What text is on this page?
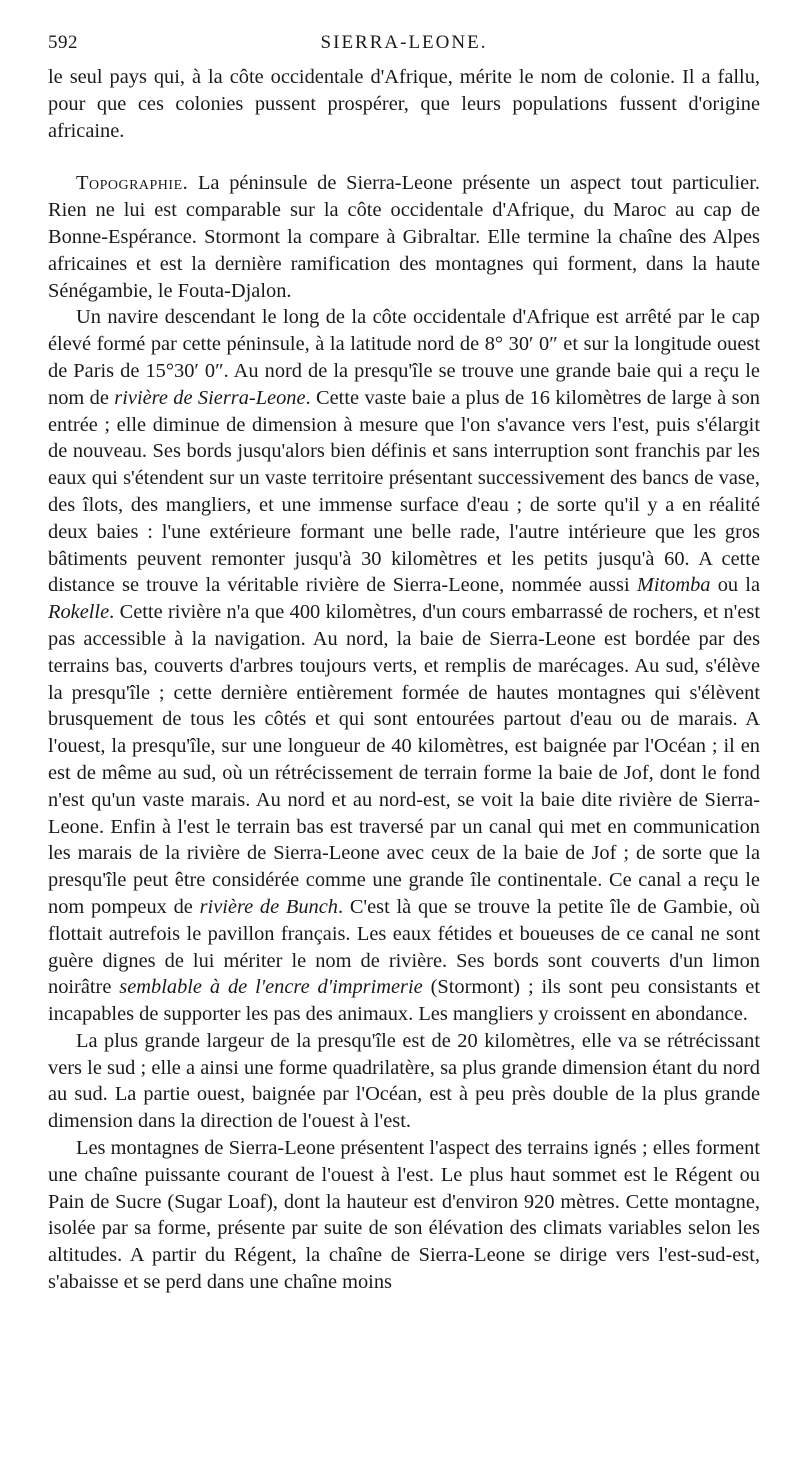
592	SIERRA-LEONE.

le seul pays qui, à la côte occidentale d'Afrique, mérite le nom de colonie. Il a fallu, pour que ces colonies pussent prospérer, que leurs populations fussent d'origine africaine.

Topographie. La péninsule de Sierra-Leone présente un aspect tout particulier. Rien ne lui est comparable sur la côte occidentale d'Afrique, du Maroc au cap de Bonne-Espérance. Stormont la compare à Gibraltar. Elle termine la chaîne des Alpes africaines et est la dernière ramification des montagnes qui forment, dans la haute Sénégambie, le Fouta-Djalon.

Un navire descendant le long de la côte occidentale d'Afrique est arrêté par le cap élevé formé par cette péninsule, à la latitude nord de 8° 30′ 0″ et sur la longitude ouest de Paris de 15°30′ 0″. Au nord de la presqu'île se trouve une grande baie qui a reçu le nom de rivière de Sierra-Leone. Cette vaste baie a plus de 16 kilomètres de large à son entrée ; elle diminue de dimension à mesure que l'on s'avance vers l'est, puis s'élargit de nouveau. Ses bords jusqu'alors bien définis et sans interruption sont franchis par les eaux qui s'étendent sur un vaste territoire présentant successivement des bancs de vase, des îlots, des mangliers, et une immense surface d'eau ; de sorte qu'il y a en réalité deux baies : l'une extérieure formant une belle rade, l'autre intérieure que les gros bâtiments peuvent remonter jusqu'à 30 kilomètres et les petits jusqu'à 60. A cette distance se trouve la véritable rivière de Sierra-Leone, nommée aussi Mitomba ou la Rokelle. Cette rivière n'a que 400 kilomètres, d'un cours embarrassé de rochers, et n'est pas accessible à la navigation. Au nord, la baie de Sierra-Leone est bordée par des terrains bas, couverts d'arbres toujours verts, et remplis de marécages. Au sud, s'élève la presqu'île ; cette dernière entièrement formée de hautes montagnes qui s'élèvent brusquement de tous les côtés et qui sont entourées partout d'eau ou de marais. A l'ouest, la presqu'île, sur une longueur de 40 kilomètres, est baignée par l'Océan ; il en est de même au sud, où un rétrécissement de terrain forme la baie de Jof, dont le fond n'est qu'un vaste marais. Au nord et au nord-est, se voit la baie dite rivière de Sierra-Leone. Enfin à l'est le terrain bas est traversé par un canal qui met en communication les marais de la rivière de Sierra-Leone avec ceux de la baie de Jof ; de sorte que la presqu'île peut être considérée comme une grande île continentale. Ce canal a reçu le nom pompeux de rivière de Bunch. C'est là que se trouve la petite île de Gambie, où flottait autrefois le pavillon français. Les eaux fétides et boueuses de ce canal ne sont guère dignes de lui mériter le nom de rivière. Ses bords sont couverts d'un limon noirâtre semblable à de l'encre d'imprimerie (Stormont) ; ils sont peu consistants et incapables de supporter les pas des animaux. Les mangliers y croissent en abondance.

La plus grande largeur de la presqu'île est de 20 kilomètres, elle va se rétrécissant vers le sud ; elle a ainsi une forme quadrilatère, sa plus grande dimension étant du nord au sud. La partie ouest, baignée par l'Océan, est à peu près double de la plus grande dimension dans la direction de l'ouest à l'est.

Les montagnes de Sierra-Leone présentent l'aspect des terrains ignés ; elles forment une chaîne puissante courant de l'ouest à l'est. Le plus haut sommet est le Régent ou Pain de Sucre (Sugar Loaf), dont la hauteur est d'environ 920 mètres. Cette montagne, isolée par sa forme, présente par suite de son élévation des climats variables selon les altitudes. A partir du Régent, la chaîne de Sierra-Leone se dirige vers l'est-sud-est, s'abaisse et se perd dans une chaîne moins
